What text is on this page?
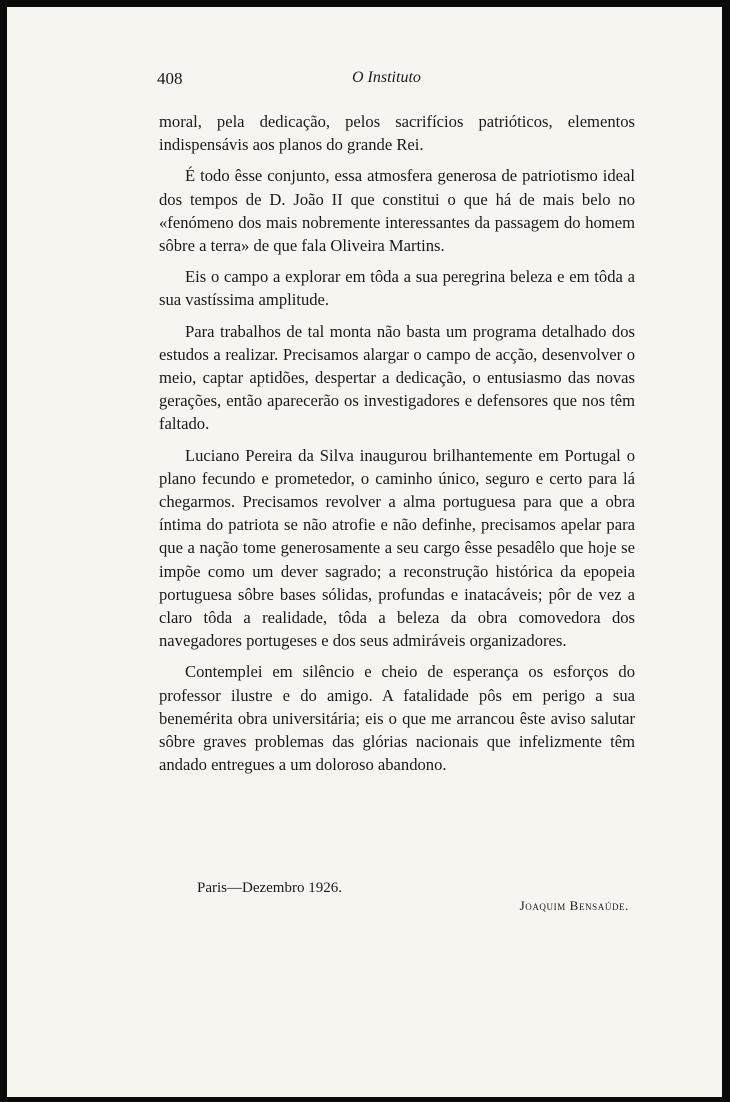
408	O Instituto

moral, pela dedicação, pelos sacrifícios patrióticos, elementos indispensávis aos planos do grande Rei.

É todo êsse conjunto, essa atmosfera generosa de patriotismo ideal dos tempos de D. João II que constitui o que há de mais belo no «fenómeno dos mais nobremente interessantes da passagem do homem sôbre a terra» de que fala Oliveira Martins.

Eis o campo a explorar em tôda a sua peregrina beleza e em tôda a sua vastíssima amplitude.

Para trabalhos de tal monta não basta um programa detalhado dos estudos a realizar. Precisamos alargar o campo de acção, desenvolver o meio, captar aptidões, despertar a dedicação, o entusiasmo das novas gerações, então aparecerão os investigadores e defensores que nos têm faltado.

Luciano Pereira da Silva inaugurou brilhantemente em Portugal o plano fecundo e prometedor, o caminho único, seguro e certo para lá chegarmos. Precisamos revolver a alma portuguesa para que a obra íntima do patriota se não atrofie e não definhe, precisamos apelar para que a nação tome generosamente a seu cargo êsse pesadêlo que hoje se impõe como um dever sagrado; a reconstrução histórica da epopeia portuguesa sôbre bases sólidas, profundas e inatacáveis; pôr de vez a claro tôda a realidade, tôda a beleza da obra comovedora dos navegadores portugeses e dos seus admiráveis organizadores.

Contemplei em silêncio e cheio de esperança os esforços do professor ilustre e do amigo. A fatalidade pôs em perigo a sua benemérita obra universitária; eis o que me arrancou êste aviso salutar sôbre graves problemas das glórias nacionais que infelizmente têm andado entregues a um doloroso abandono.

Paris—Dezembro 1926.
Joaquim Bensaúde.
